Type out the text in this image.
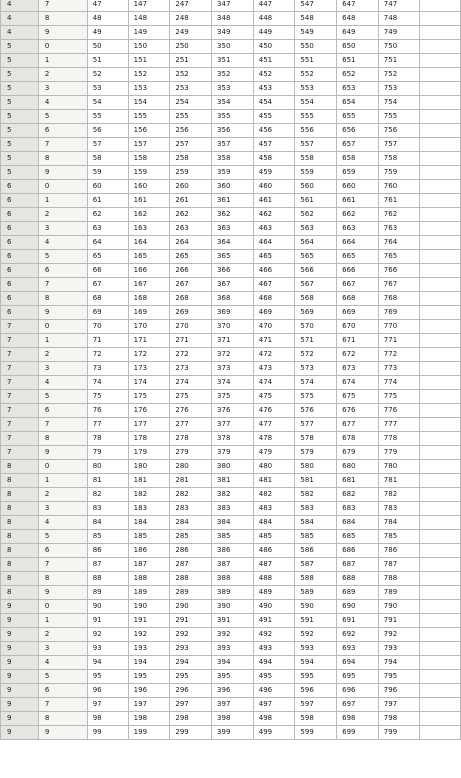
4	7	47	147	247	347	447	547	647	747	
4	8	48	148	248	348	448	548	648	748	
4	9	49	149	249	349	449	549	649	749	
5	0	50	150	250	350	450	550	650	750	
5	1	51	151	251	351	451	551	651	751	
5	2	52	152	252	352	452	552	652	752	
5	3	53	153	253	353	453	553	653	753	
5	4	54	154	254	354	454	554	654	754	
5	5	55	155	255	355	455	555	655	755	
5	6	56	156	256	356	456	556	656	756	
5	7	57	157	257	357	457	557	657	757	
5	8	58	158	258	358	458	558	658	758	
5	9	59	159	259	359	459	559	659	759	
6	0	60	160	260	360	460	560	660	760	
6	1	61	161	261	361	461	561	661	761	
6	2	62	162	262	362	462	562	662	762	
6	3	63	163	263	363	463	563	663	763	
6	4	64	164	264	364	464	564	664	764	
6	5	65	165	265	365	465	565	665	765	
6	6	66	166	266	366	466	566	666	766	
6	7	67	167	267	367	467	567	667	767	
6	8	68	168	268	368	468	568	668	768	
6	9	69	169	269	369	469	569	669	769	
7	0	70	170	270	370	470	570	670	770	
7	1	71	171	271	371	471	571	671	771	
7	2	72	172	272	372	472	572	672	772	
7	3	73	173	273	373	473	573	673	773	
7	4	74	174	274	374	474	574	674	774	
7	5	75	175	275	375	475	575	675	775	
7	6	76	176	276	376	476	576	676	776	
7	7	77	177	277	377	477	577	677	777	
7	8	78	178	278	378	478	578	678	778	
7	9	79	179	279	379	479	579	679	779	
8	0	80	180	280	380	480	580	680	780	
8	1	81	181	281	381	481	581	681	781	
8	2	82	182	282	382	482	582	682	782	
8	3	83	183	283	383	483	583	683	783	
8	4	84	184	284	384	484	584	684	784	
8	5	85	185	285	385	485	585	685	785	
8	6	86	186	286	386	486	586	686	786	
8	7	87	187	287	387	487	587	687	787	
8	8	88	188	288	388	488	588	688	788	
8	9	89	189	289	389	489	589	689	789	
9	0	90	190	290	390	490	590	690	790	
9	1	91	191	291	391	491	591	691	791	
9	2	92	192	292	392	492	592	692	792	
9	3	93	193	293	393	493	593	693	793	
9	4	94	194	294	394	494	594	694	794	
9	5	95	195	295	395	495	595	695	795	
9	6	96	196	296	396	496	596	696	796	
9	7	97	197	297	397	497	597	697	797	
9	8	98	198	298	398	498	598	698	798	
9	9	99	199	299	399	499	599	699	799	
